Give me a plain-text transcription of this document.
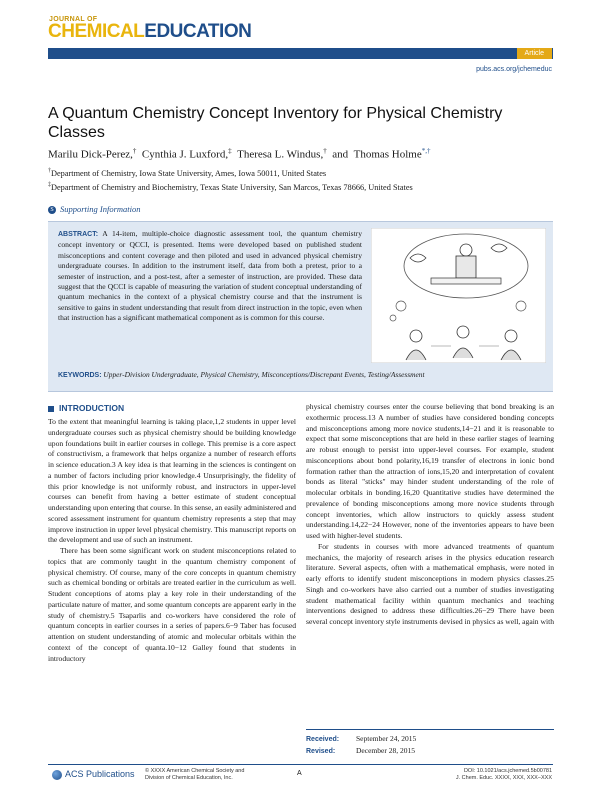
JOURNAL OF
CHEMICALEDUCATION
Article
pubs.acs.org/jchemeduc
A Quantum Chemistry Concept Inventory for Physical Chemistry Classes
Marilu Dick-Perez,† Cynthia J. Luxford,‡ Theresa L. Windus,† and Thomas Holme*,†
†Department of Chemistry, Iowa State University, Ames, Iowa 50011, United States
‡Department of Chemistry and Biochemistry, Texas State University, San Marcos, Texas 78666, United States
S Supporting Information
ABSTRACT: A 14-item, multiple-choice diagnostic assessment tool, the quantum chemistry concept inventory or QCCI, is presented. Items were developed based on published student misconceptions and content coverage and then piloted and used in advanced physical chemistry undergraduate courses. In addition to the instrument itself, data from both a pretest, prior to a semester of instruction, and a post-test, after a semester of instruction, are provided. These data suggest that the QCCI is capable of measuring the variation of student conceptual understanding of quantum mechanics in the context of a physical chemistry course and that the instrument is sensitive to gains in student understanding that result from direct instruction in the topic, even when that instruction has a significant mathematical component as is common for this course.
KEYWORDS: Upper-Division Undergraduate, Physical Chemistry, Misconceptions/Discrepant Events, Testing/Assessment
INTRODUCTION

To the extent that meaningful learning is taking place,1,2 students in upper level undergraduate courses such as physical chemistry should be building knowledge upon foundations built in earlier courses in college. This premise is a core aspect of constructivism, a framework that helps organize a number of research efforts in science education.3 A key idea is that learning in the sciences is contingent on a number of factors including prior knowledge.4 Unsurprisingly, the fidelity of this prior knowledge is not uniformly robust, and instructors in upper-level courses can benefit from having a better estimate of student conceptual understanding upon entering that course. In this sense, an easily administered and scored assessment instrument for quantum chemistry represents a step that may improve instruction in upper level physical chemistry. This manuscript reports on the development and use of such an instrument.

There has been some significant work on student misconceptions related to topics that are commonly taught in the quantum chemistry component of physical chemistry. Of course, many of the core concepts in quantum chemistry such as chemical bonding or orbitals are treated earlier in the curriculum as well. Student conceptions of atoms play a key role in their understanding of the particulate nature of matter, and some quantum concepts are apparent early in the study of chemistry.5 Tsaparlis and co-workers have considered the role of quantum concepts in earlier courses in a series of papers.6−9 Taber has focused attention on student understanding of atomic and molecular orbitals within the context of the concept of quanta.10−12 Galley found that students in introductory

physical chemistry courses enter the course believing that bond breaking is an exothermic process.13 A number of studies have considered bonding concepts and misconceptions among more novice students,14−21 and it is reasonable to expect that some misconceptions that are held in these earlier stages of learning are robust enough to persist into upper-level courses. For example, student misconceptions about bond polarity,16,19 transfer of electrons in ionic bond formation rather than the attraction of ions,15,20 and interpretation of covalent bonds as literal "sticks" may hinder student understanding of the role of molecular orbitals in bonding.16,20 Quantitative studies have determined the prevalence of bonding misconceptions among more novice students through concept inventories, which allow instructors to quickly assess student understanding.14,22−24 However, none of the inventories appears to have been used with higher-level students.

For students in courses with more advanced treatments of quantum mechanics, the majority of research arises in the physics education research literature. Several aspects, often with a mathematical emphasis, were noted in early efforts to identify student misconceptions in modern physics classes.25 Singh and co-workers have also carried out a number of studies investigating student mathematical facility within quantum mechanics and teaching interventions designed to address these difficulties.26−29 There have been several concept inventory style instruments devised in physics as well, again with

Received: September 24, 2015
Revised:	December 28, 2015
ACS Publications © XXXX American Chemical Society and
Division of Chemical Education, Inc.
A	DOI: 10.1021/acs.jchemed.5b00781
J. Chem. Educ. XXXX, XXX, XXX−XXX
